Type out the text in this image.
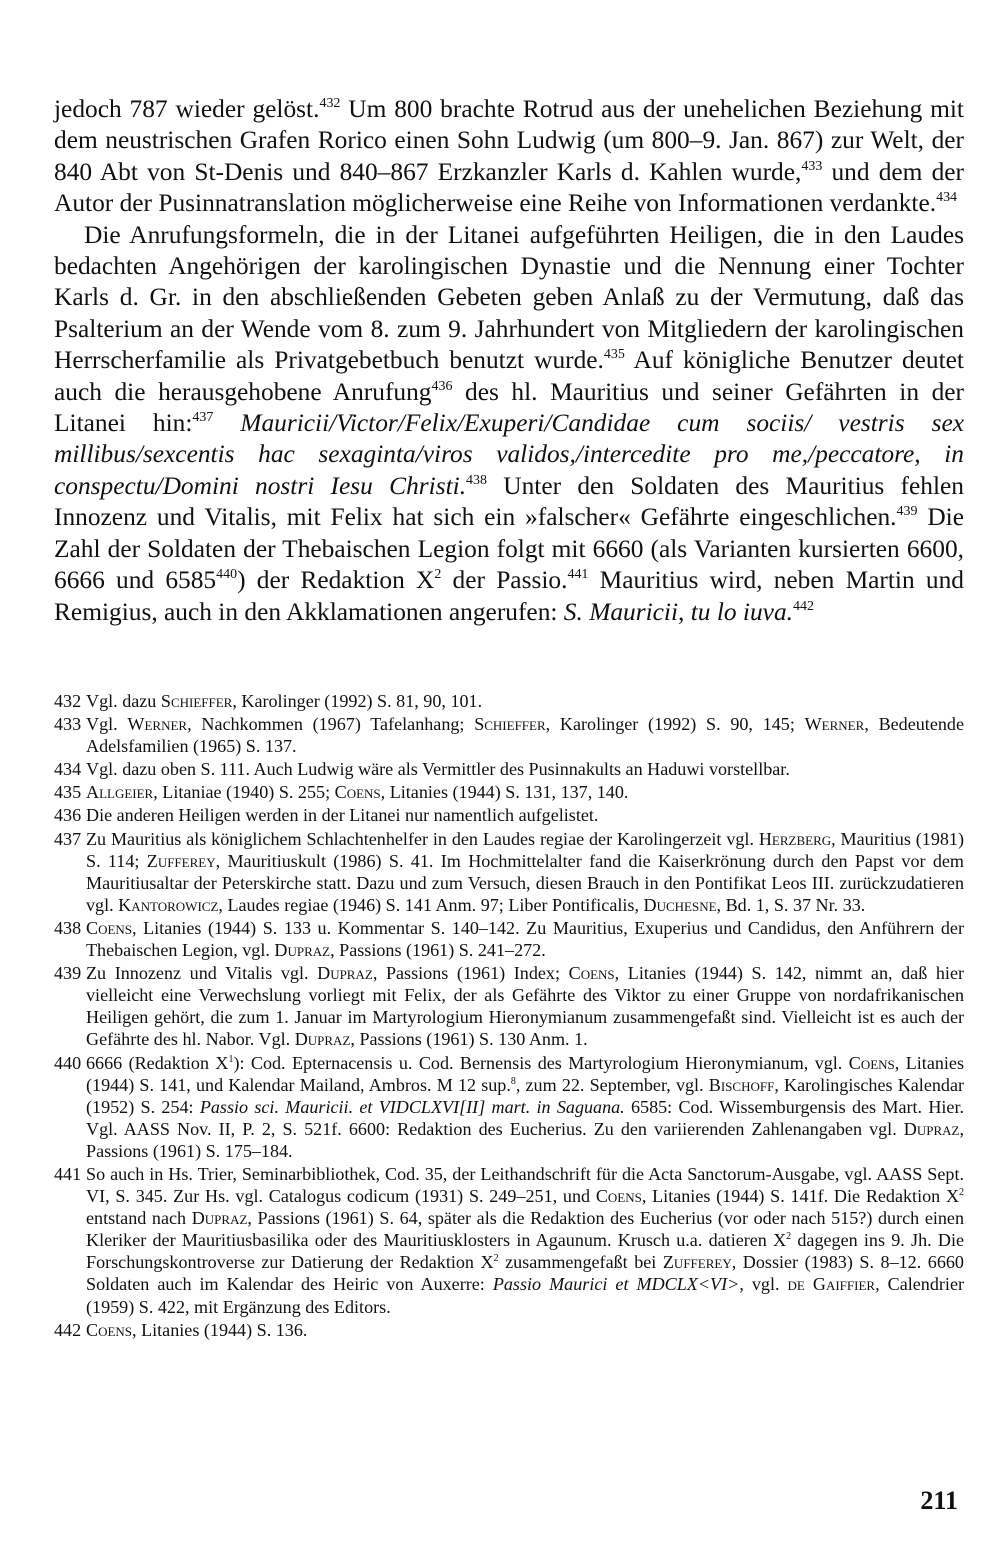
jedoch 787 wieder gelöst.$^{432}$ Um 800 brachte Rotrud aus der unehelichen Beziehung mit dem neustrischen Grafen Rorico einen Sohn Ludwig (um 800–9. Jan. 867) zur Welt, der 840 Abt von St-Denis und 840–867 Erzkanzler Karls d. Kahlen wurde,$^{433}$ und dem der Autor der Pusinnatranslation möglicherweise eine Reihe von Informationen verdankte.$^{434}$

Die Anrufungsformeln, die in der Litanei aufgeführten Heiligen, die in den Laudes bedachten Angehörigen der karolingischen Dynastie und die Nennung einer Tochter Karls d. Gr. in den abschließenden Gebeten geben Anlaß zu der Vermutung, daß das Psalterium an der Wende vom 8. zum 9. Jahrhundert von Mitgliedern der karolingischen Herrscherfamilie als Privatgebetbuch benutzt wurde.$^{435}$ Auf königliche Benutzer deutet auch die herausgehobene Anrufung$^{436}$ des hl. Mauritius und seiner Gefährten in der Litanei hin:$^{437}$ Mauricii/Victor/Felix/Exuperi/Candidae cum sociis/ vestris sex millibus/sexcentis hac sexaginta/viros validos,/intercedite pro me,/peccatore, in conspectu/Domini nostri Iesu Christi.$^{438}$ Unter den Soldaten des Mauritius fehlen Innozenz und Vitalis, mit Felix hat sich ein »falscher« Gefährte eingeschlichen.$^{439}$ Die Zahl der Soldaten der Thebaischen Legion folgt mit 6660 (als Varianten kursierten 6600, 6666 und 6585$^{440}$) der Redaktion $X^2$ der Passio.$^{441}$ Mauritius wird, neben Martin und Remigius, auch in den Akklamationen angerufen: S. Mauricii, tu lo iuva.$^{442}$

432 Vgl. dazu Schieffer, Karolinger (1992) S. 81, 90, 101.
433 Vgl. Werner, Nachkommen (1967) Tafelanhang; Schieffer, Karolinger (1992) S. 90, 145; Werner, Bedeutende Adelsfamilien (1965) S. 137.
434 Vgl. dazu oben S. 111. Auch Ludwig wäre als Vermittler des Pusinnakults an Haduwi vorstellbar.
435 Allgeier, Litaniae (1940) S. 255; Coens, Litanies (1944) S. 131, 137, 140.
436 Die anderen Heiligen werden in der Litanei nur namentlich aufgelistet.
437 Zu Mauritius als königlichem Schlachtenhelfer in den Laudes regiae der Karolingerzeit vgl. Herzberg, Mauritius (1981) S. 114; Zufferey, Mauritiuskult (1986) S. 41. Im Hochmittelalter fand die Kaiserkrönung durch den Papst vor dem Mauritiusaltar der Peterskirche statt. Dazu und zum Versuch, diesen Brauch in den Pontifikat Leos III. zurückzudatieren vgl. Kantorowicz, Laudes regiae (1946) S. 141 Anm. 97; Liber Pontificalis, Duchesne, Bd. 1, S. 37 Nr. 33.
438 Coens, Litanies (1944) S. 133 u. Kommentar S. 140–142. Zu Mauritius, Exuperius und Candidus, den Anführern der Thebaischen Legion, vgl. Dupraz, Passions (1961) S. 241–272.
439 Zu Innozenz und Vitalis vgl. Dupraz, Passions (1961) Index; Coens, Litanies (1944) S. 142, nimmt an, daß hier vielleicht eine Verwechslung vorliegt mit Felix, der als Gefährte des Viktor zu einer Gruppe von nordafrikanischen Heiligen gehört, die zum 1. Januar im Martyrologium Hieronymianum zusammengefaßt sind. Vielleicht ist es auch der Gefährte des hl. Nabor. Vgl. Dupraz, Passions (1961) S. 130 Anm. 1.
440 6666 (Redaktion $X^1$): Cod. Epternacensis u. Cod. Bernensis des Martyrologium Hieronymianum, vgl. Coens, Litanies (1944) S. 141, und Kalendar Mailand, Ambros. M 12 sup.$^8$, zum 22. September, vgl. Bischoff, Karolingisches Kalendar (1952) S. 254: Passio sci. Mauricii. et VIDCLXVI[II] mart. in Saguana. 6585: Cod. Wissemburgensis des Mart. Hier. Vgl. AASS Nov. II, P. 2, S. 521f. 6600: Redaktion des Eucherius. Zu den variierenden Zahlenangaben vgl. Dupraz, Passions (1961) S. 175–184.
441 So auch in Hs. Trier, Seminarbibliothek, Cod. 35, der Leithandschrift für die Acta Sanctorum-Ausgabe, vgl. AASS Sept. VI, S. 345. Zur Hs. vgl. Catalogus codicum (1931) S. 249–251, und Coens, Litanies (1944) S. 141f. Die Redaktion $X^2$ entstand nach Dupraz, Passions (1961) S. 64, später als die Redaktion des Eucherius (vor oder nach 515?) durch einen Kleriker der Mauritiusbasilika oder des Mauritiusklosters in Agaunum. Krusch u.a. datieren $X^2$ dagegen ins 9. Jh. Die Forschungskontroverse zur Datierung der Redaktion $X^2$ zusammengefaßt bei Zufferey, Dossier (1983) S. 8–12. 6660 Soldaten auch im Kalendar des Heiric von Auxerre: Passio Maurici et MDCLX<VI>, vgl. de Gaiffier, Calendrier (1959) S. 422, mit Ergänzung des Editors.
442 Coens, Litanies (1944) S. 136.
211
